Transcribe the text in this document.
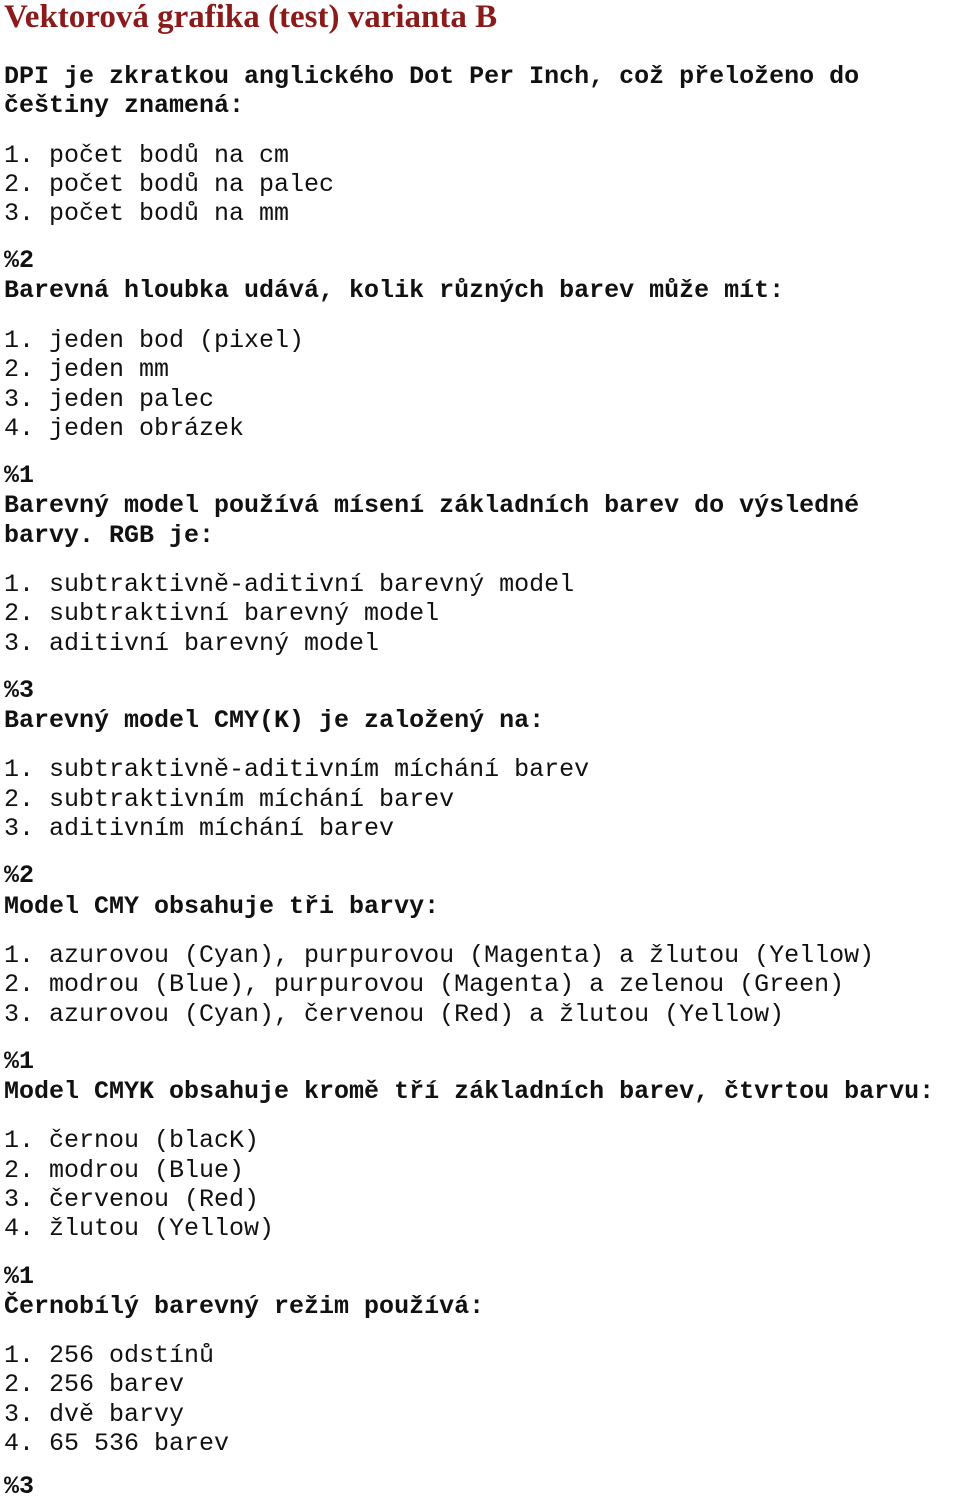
Vektorová grafika (test) varianta B
DPI je zkratkou anglického Dot Per Inch, což přeloženo do
češtiny znamená:
1. počet bodů na cm
2. počet bodů na palec
3. počet bodů na mm
%2
Barevná hloubka udává, kolik různých barev může mít:
1. jeden bod (pixel)
2. jeden mm
3. jeden palec
4. jeden obrázek
%1
Barevný model používá mísení základních barev do výsledné
barvy. RGB je:
1. subtraktivně-aditivní barevný model
2. subtraktivní barevný model
3. aditivní barevný model
%3
Barevný model CMY(K) je založený na:
1. subtraktivně-aditivním míchání barev
2. subtraktivním míchání barev
3. aditivním míchání barev
%2
Model CMY obsahuje tři barvy:
1. azurovou (Cyan), purpurovou (Magenta) a žlutou (Yellow)
2. modrou (Blue), purpurovou (Magenta) a zelenou (Green)
3. azurovou (Cyan), červenou (Red) a žlutou (Yellow)
%1
Model CMYK obsahuje kromě tří základních barev, čtvrtou barvu:
1. černou (blacK)
2. modrou (Blue)
3. červenou (Red)
4. žlutou (Yellow)
%1
Černobílý barevný režim používá:
1. 256 odstínů
2. 256 barev
3. dvě barvy
4. 65 536 barev
%3
